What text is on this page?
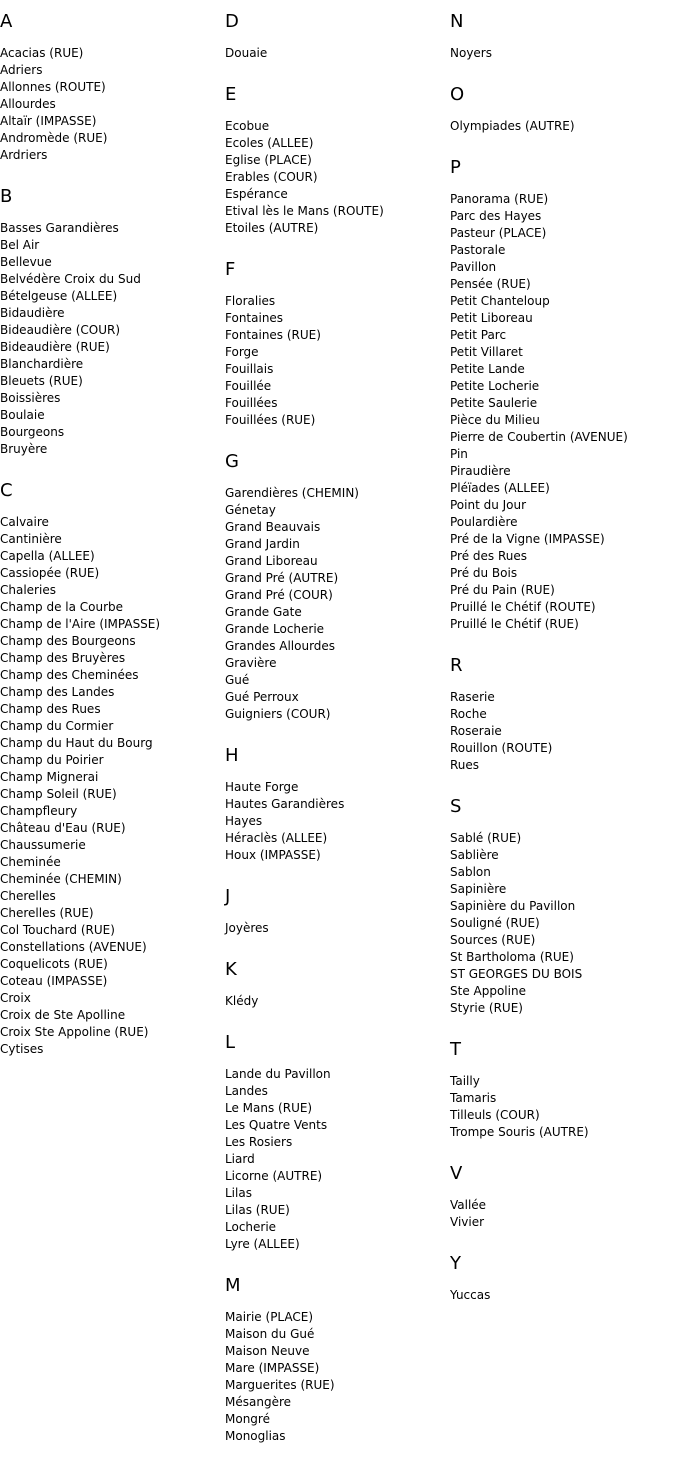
A
Acacias (RUE)
Adriers
Allonnes (ROUTE)
Allourdes
Altaïr (IMPASSE)
Andromède (RUE)
Ardriers
B
Basses Garandières
Bel Air
Bellevue
Belvédère Croix du Sud
Bételgeuse (ALLEE)
Bidaudière
Bideaudière (COUR)
Bideaudière (RUE)
Blanchardière
Bleuets (RUE)
Boissières
Boulaie
Bourgeons
Bruyère
C
Calvaire
Cantinière
Capella (ALLEE)
Cassiopée (RUE)
Chaleries
Champ de la Courbe
Champ de l'Aire (IMPASSE)
Champ des Bourgeons
Champ des Bruyères
Champ des Cheminées
Champ des Landes
Champ des Rues
Champ du Cormier
Champ du Haut du Bourg
Champ du Poirier
Champ Mignerai
Champ Soleil (RUE)
Champfleury
Château d'Eau (RUE)
Chaussumerie
Cheminée
Cheminée (CHEMIN)
Cherelles
Cherelles (RUE)
Col Touchard (RUE)
Constellations (AVENUE)
Coquelicots (RUE)
Coteau (IMPASSE)
Croix
Croix de Ste Apolline
Croix Ste Appoline (RUE)
Cytises
D
Douaie
E
Ecobue
Ecoles (ALLEE)
Eglise (PLACE)
Erables (COUR)
Espérance
Etival lès le Mans (ROUTE)
Etoiles (AUTRE)
F
Floralies
Fontaines
Fontaines (RUE)
Forge
Fouillais
Fouillée
Fouillées
Fouillées (RUE)
G
Garendières (CHEMIN)
Génetay
Grand Beauvais
Grand Jardin
Grand Liboreau
Grand Pré (AUTRE)
Grand Pré (COUR)
Grande Gate
Grande Locherie
Grandes Allourdes
Gravière
Gué
Gué Perroux
Guigniers (COUR)
H
Haute Forge
Hautes Garandières
Hayes
Héraclès (ALLEE)
Houx (IMPASSE)
J
Joyères
K
Klédy
L
Lande du Pavillon
Landes
Le Mans (RUE)
Les Quatre Vents
Les Rosiers
Liard
Licorne (AUTRE)
Lilas
Lilas (RUE)
Locherie
Lyre (ALLEE)
M
Mairie (PLACE)
Maison du Gué
Maison Neuve
Mare (IMPASSE)
Marguerites (RUE)
Mésangère
Mongré
Monoglias
N
Noyers
O
Olympiades (AUTRE)
P
Panorama (RUE)
Parc des Hayes
Pasteur (PLACE)
Pastorale
Pavillon
Pensée (RUE)
Petit Chanteloup
Petit Liboreau
Petit Parc
Petit Villaret
Petite Lande
Petite Locherie
Petite Saulerie
Pièce du Milieu
Pierre de Coubertin (AVENUE)
Pin
Piraudière
Pléïades (ALLEE)
Point du Jour
Poulardière
Pré de la Vigne (IMPASSE)
Pré des Rues
Pré du Bois
Pré du Pain (RUE)
Pruillé le Chétif (ROUTE)
Pruillé le Chétif (RUE)
R
Raserie
Roche
Roseraie
Rouillon (ROUTE)
Rues
S
Sablé (RUE)
Sablière
Sablon
Sapinière
Sapinière du Pavillon
Souligné (RUE)
Sources (RUE)
St Bartholoma (RUE)
ST GEORGES DU BOIS
Ste Appoline
Styrie (RUE)
T
Tailly
Tamaris
Tilleuls (COUR)
Trompe Souris (AUTRE)
V
Vallée
Vivier
Y
Yuccas
